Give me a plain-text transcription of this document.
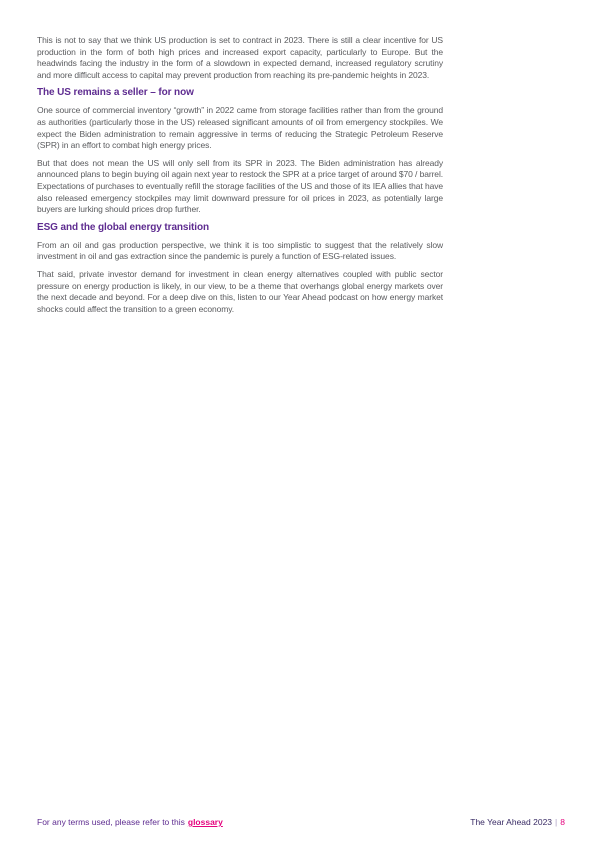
This is not to say that we think US production is set to contract in 2023. There is still a clear incentive for US production in the form of both high prices and increased export capacity, particularly to Europe. But the headwinds facing the industry in the form of a slowdown in expected demand, increased regulatory scrutiny and more difficult access to capital may prevent production from reaching its pre-pandemic heights in 2023.

The US remains a seller – for now

One source of commercial inventory “growth” in 2022 came from storage facilities rather than from the ground as authorities (particularly those in the US) released significant amounts of oil from emergency stockpiles. We expect the Biden administration to remain aggressive in terms of reducing the Strategic Petroleum Reserve (SPR) in an effort to combat high energy prices.

But that does not mean the US will only sell from its SPR in 2023. The Biden administration has already announced plans to begin buying oil again next year to restock the SPR at a price target of around $70 / barrel. Expectations of purchases to eventually refill the storage facilities of the US and those of its IEA allies that have also released emergency stockpiles may limit downward pressure for oil prices in 2023, as potentially large buyers are lurking should prices drop further.

ESG and the global energy transition

From an oil and gas production perspective, we think it is too simplistic to suggest that the relatively slow investment in oil and gas extraction since the pandemic is purely a function of ESG-related issues.

That said, private investor demand for investment in clean energy alternatives coupled with public sector pressure on energy production is likely, in our view, to be a theme that overhangs global energy markets over the next decade and beyond. For a deep dive on this, listen to our Year Ahead podcast on how energy market shocks could affect the transition to a green economy.

For any terms used, please refer to this glossary	The Year Ahead 2023 | 8
